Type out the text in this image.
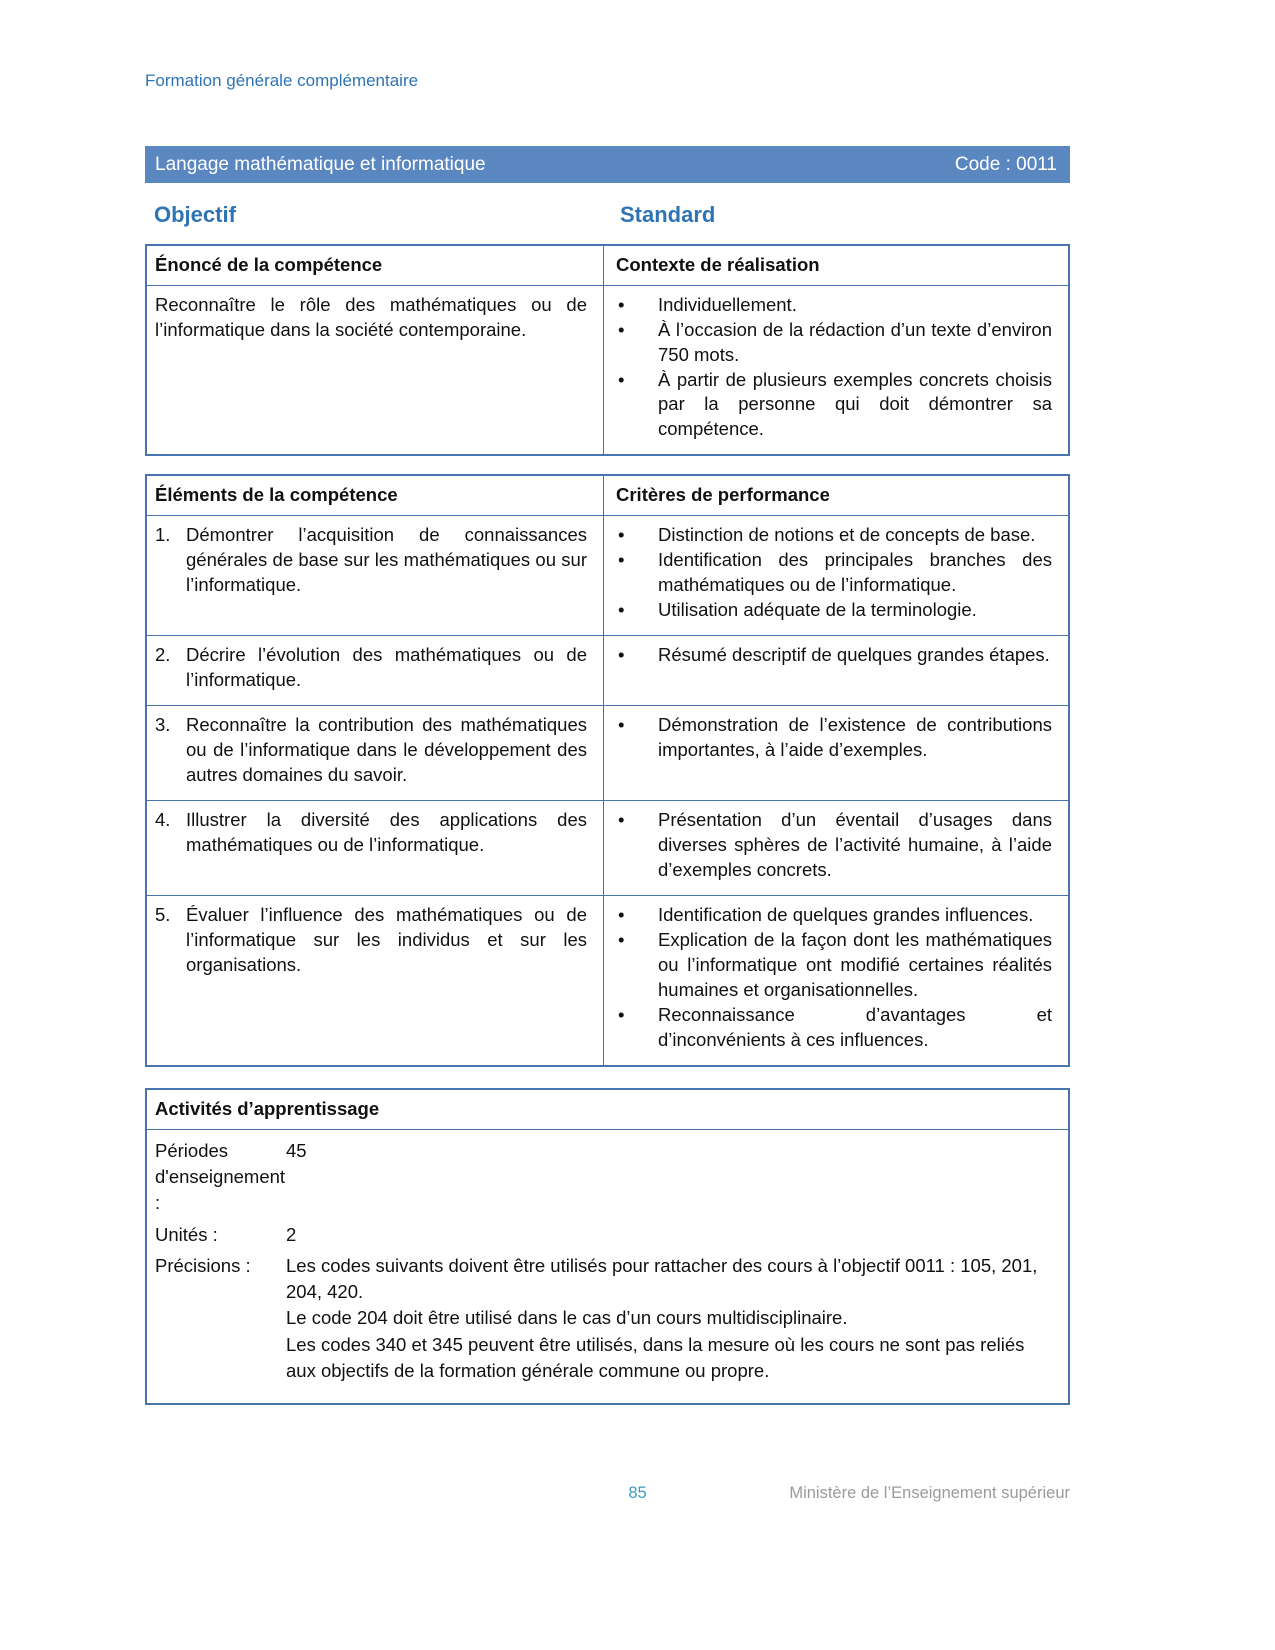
Formation générale complémentaire
Langage mathématique et informatique	Code : 0011
Objectif	Standard
Énoncé de la compétence	Contexte de réalisation
Reconnaître le rôle des mathématiques ou de l’informatique dans la société contemporaine.
•	Individuellement.
•	À l’occasion de la rédaction d’un texte d’environ 750 mots.
•	À partir de plusieurs exemples concrets choisis par la personne qui doit démontrer sa compétence.
Éléments de la compétence	Critères de performance
1. Démontrer l’acquisition de connaissances générales de base sur les mathématiques ou sur l’informatique.
•	Distinction de notions et de concepts de base.
•	Identification des principales branches des mathématiques ou de l’informatique.
•	Utilisation adéquate de la terminologie.
2. Décrire l’évolution des mathématiques ou de l’informatique.
•	Résumé descriptif de quelques grandes étapes.
3. Reconnaître la contribution des mathématiques ou de l’informatique dans le développement des autres domaines du savoir.
•	Démonstration de l’existence de contributions importantes, à l’aide d’exemples.
4. Illustrer la diversité des applications des mathématiques ou de l’informatique.
•	Présentation d’un éventail d’usages dans diverses sphères de l’activité humaine, à l’aide d’exemples concrets.
5. Évaluer l’influence des mathématiques ou de l’informatique sur les individus et sur les organisations.
•	Identification de quelques grandes influences.
•	Explication de la façon dont les mathématiques ou l’informatique ont modifié certaines réalités humaines et organisationnelles.
•	Reconnaissance d’avantages et d’inconvénients à ces influences.
Activités d’apprentissage
Périodes d'enseignement :
45
Unités :	2
Précisions :	Les codes suivants doivent être utilisés pour rattacher des cours à l’objectif 0011 : 105, 201, 204, 420.
Le code 204 doit être utilisé dans le cas d’un cours multidisciplinaire.
Les codes 340 et 345 peuvent être utilisés, dans la mesure où les cours ne sont pas reliés aux objectifs de la formation générale commune ou propre.
85	Ministère de l’Enseignement supérieur
